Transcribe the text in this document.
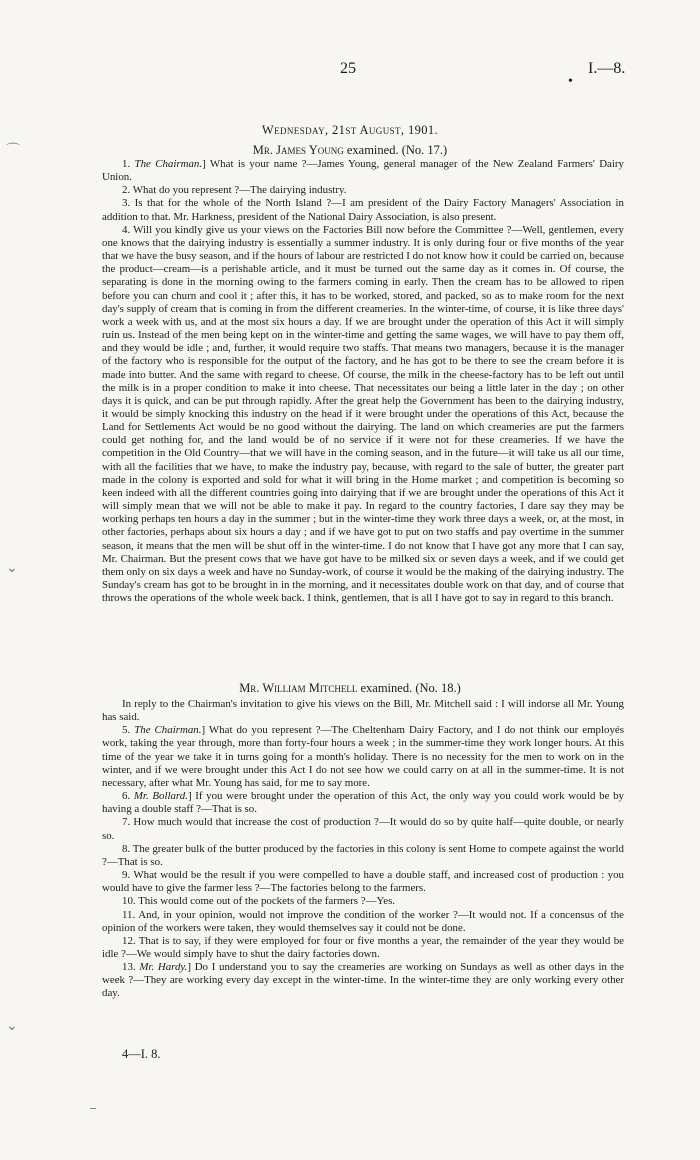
25
•
I.—8.
Wednesday, 21st August, 1901.
Mr. James Young examined. (No. 17.)

1. The Chairman.] What is your name ?—James Young, general manager of the New Zealand Farmers' Dairy Union.

2. What do you represent ?—The dairying industry.

3. Is that for the whole of the North Island ?—I am president of the Dairy Factory Managers' Association in addition to that. Mr. Harkness, president of the National Dairy Association, is also present.

4. Will you kindly give us your views on the Factories Bill now before the Committee ?—Well, gentlemen, every one knows that the dairying industry is essentially a summer industry. It is only during four or five months of the year that we have the busy season, and if the hours of labour are restricted I do not know how it could be carried on, because the product—cream—is a perishable article, and it must be turned out the same day as it comes in. Of course, the separating is done in the morning owing to the farmers coming in early. Then the cream has to be allowed to ripen before you can churn and cool it ; after this, it has to be worked, stored, and packed, so as to make room for the next day's supply of cream that is coming in from the different creameries. In the winter-time, of course, it is like three days' work a week with us, and at the most six hours a day. If we are brought under the operation of this Act it will simply ruin us. Instead of the men being kept on in the winter-time and getting the same wages, we will have to pay them off, and they would be idle ; and, further, it would require two staffs. That means two managers, because it is the manager of the factory who is responsible for the output of the factory, and he has got to be there to see the cream before it is made into butter. And the same with regard to cheese. Of course, the milk in the cheese-factory has to be left out until the milk is in a proper condition to make it into cheese. That necessitates our being a little later in the day ; on other days it is quick, and can be put through rapidly. After the great help the Government has been to the dairying industry, it would be simply knocking this industry on the head if it were brought under the operations of this Act, because the Land for Settlements Act would be no good without the dairying. The land on which creameries are put the farmers could get nothing for, and the land would be of no service if it were not for these creameries. If we have the competition in the Old Country—that we will have in the coming season, and in the future—it will take us all our time, with all the facilities that we have, to make the industry pay, because, with regard to the sale of butter, the greater part made in the colony is exported and sold for what it will bring in the Home market ; and competition is becoming so keen indeed with all the different countries going into dairying that if we are brought under the operations of this Act it will simply mean that we will not be able to make it pay. In regard to the country factories, I dare say they may be working perhaps ten hours a day in the summer ; but in the winter-time they work three days a week, or, at the most, in other factories, perhaps about six hours a day ; and if we have got to put on two staffs and pay overtime in the summer season, it means that the men will be shut off in the winter-time. I do not know that I have got any more that I can say, Mr. Chairman. But the present cows that we have got have to be milked six or seven days a week, and if we could get them only on six days a week and have no Sunday-work, of course it would be the making of the dairying industry. The Sunday's cream has got to be brought in in the morning, and it necessitates double work on that day, and of course that throws the operations of the whole week back. I think, gentlemen, that is all I have got to say in regard to this branch.

Mr. William Mitchell examined. (No. 18.)

In reply to the Chairman's invitation to give his views on the Bill, Mr. Mitchell said : I will indorse all Mr. Young has said.

5. The Chairman.] What do you represent ?—The Cheltenham Dairy Factory, and I do not think our employés work, taking the year through, more than forty-four hours a week ; in the summer-time they work longer hours. At this time of the year we take it in turns going for a month's holiday. There is no necessity for the men to work on in the winter, and if we were brought under this Act I do not see how we could carry on at all in the summer-time. It is not necessary, after what Mr. Young has said, for me to say more.

6. Mr. Bollard.] If you were brought under the operation of this Act, the only way you could work would be by having a double staff ?—That is so.

7. How much would that increase the cost of production ?—It would do so by quite half—quite double, or nearly so.

8. The greater bulk of the butter produced by the factories in this colony is sent Home to compete against the world ?—That is so.

9. What would be the result if you were compelled to have a double staff, and increased cost of production : you would have to give the farmer less ?—The factories belong to the farmers.

10. This would come out of the pockets of the farmers ?—Yes.

11. And, in your opinion, would not improve the condition of the worker ?—It would not. If a concensus of the opinion of the workers were taken, they would themselves say it could not be done.

12. That is to say, if they were employed for four or five months a year, the remainder of the year they would be idle ?—We would simply have to shut the dairy factories down.

13. Mr. Hardy.] Do I understand you to say the creameries are working on Sundays as well as other days in the week ?—They are working every day except in the winter-time. In the winter-time they are only working every other day.

4—I. 8.
⌒
⌄
⌄
